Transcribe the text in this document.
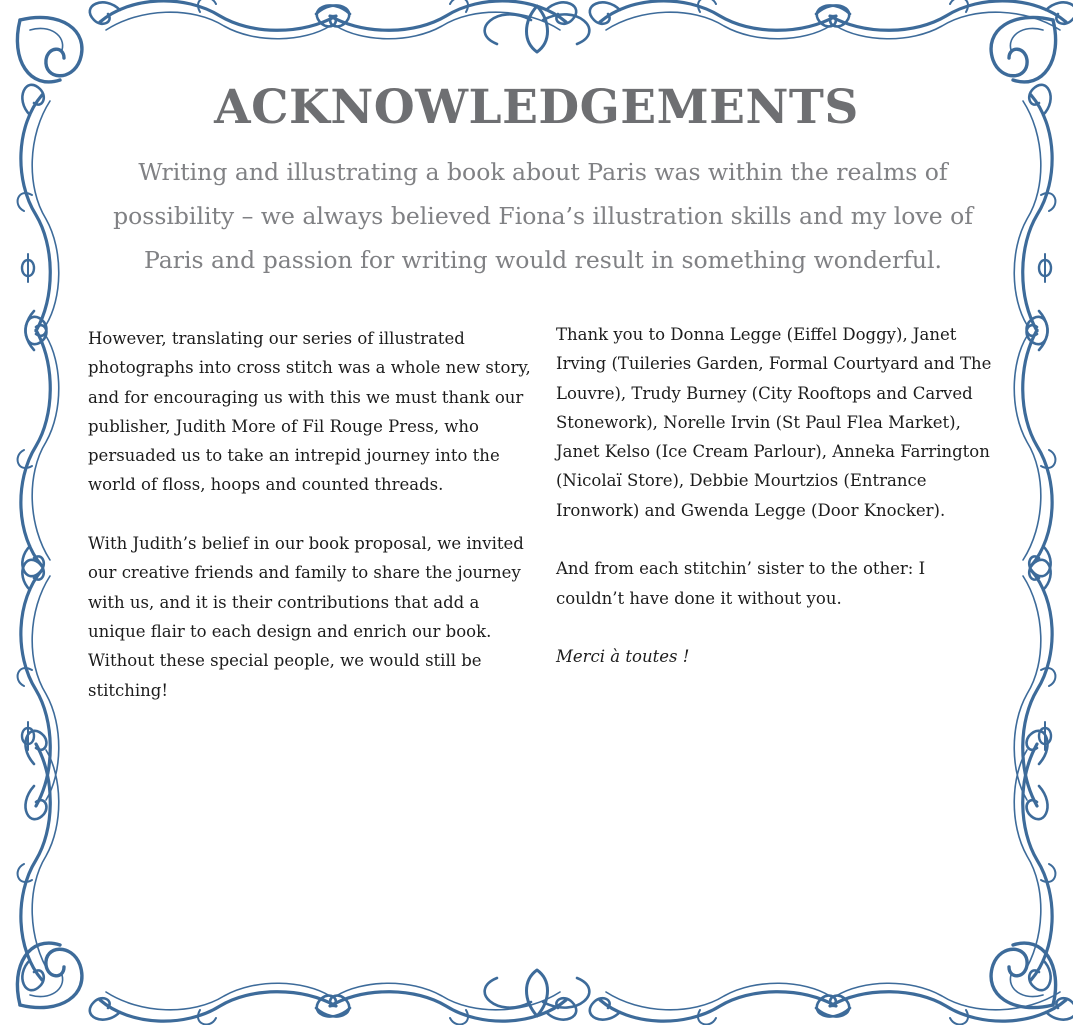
ACKNOWLEDGEMENTS

Writing and illustrating a book about Paris was within the realms of possibility – we always believed Fiona’s illustration skills and my love of Paris and passion for writing would result in something wonderful.

However, translating our series of illustrated photographs into cross stitch was a whole new story, and for encouraging us with this we must thank our publisher, Judith More of Fil Rouge Press, who persuaded us to take an intrepid journey into the world of floss, hoops and counted threads.

With Judith’s belief in our book proposal, we invited our creative friends and family to share the journey with us, and it is their contributions that add a unique flair to each design and enrich our book. Without these special people, we would still be stitching!

Thank you to Donna Legge (Eiffel Doggy), Janet Irving (Tuileries Garden, Formal Courtyard and The Louvre), Trudy Burney (City Rooftops and Carved Stonework), Norelle Irvin (St Paul Flea Market), Janet Kelso (Ice Cream Parlour), Anneka Farrington (Nicolaï Store), Debbie Mourtzios (Entrance Ironwork) and Gwenda Legge (Door Knocker).

And from each stitchin’ sister to the other: I couldn’t have done it without you.

Merci à toutes !
